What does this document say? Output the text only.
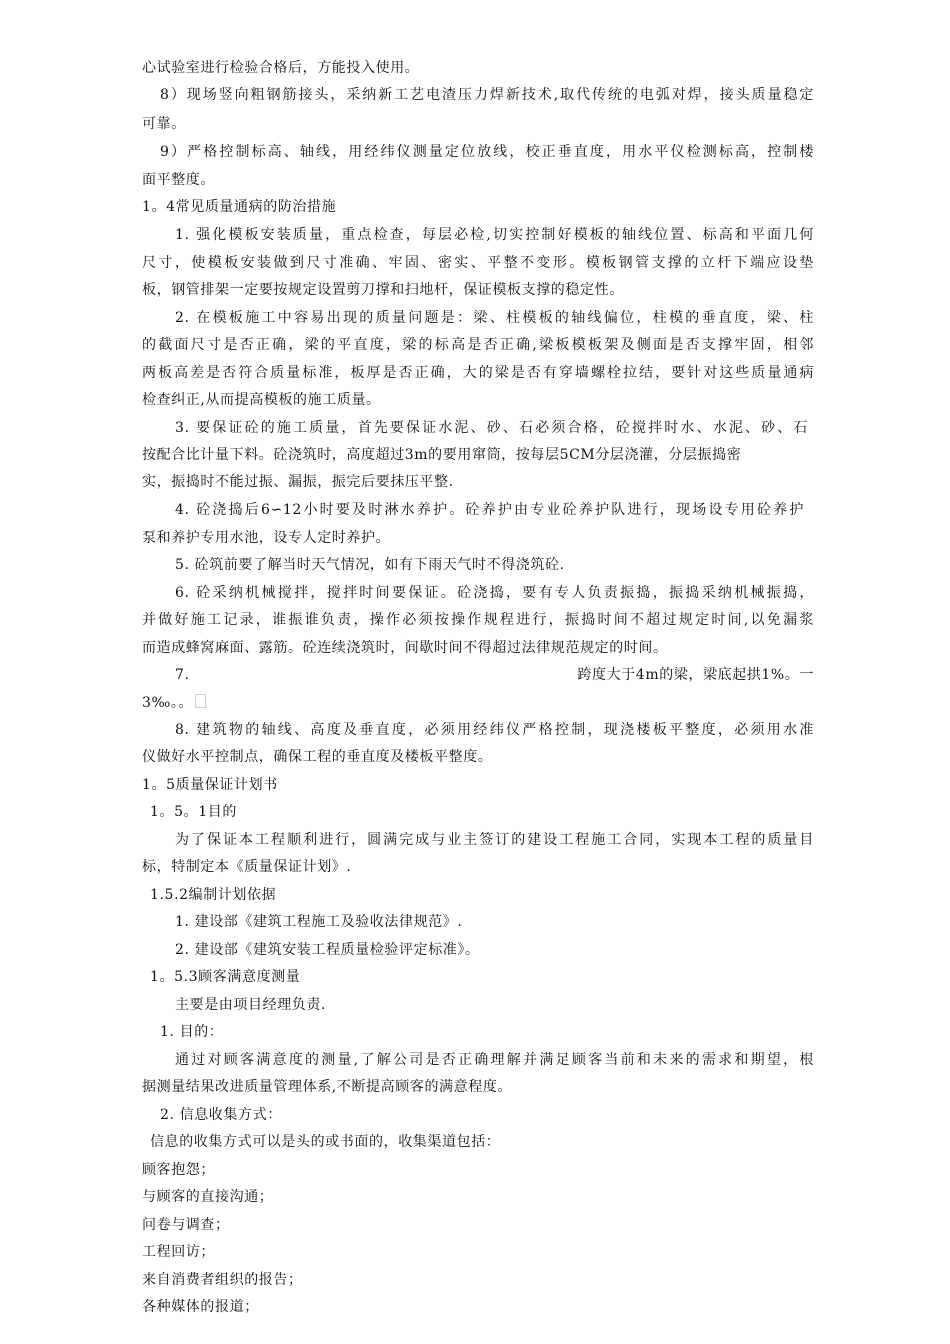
心试验室进行检验合格后，方能投入使用。
8）现场竖向粗钢筋接头，采纳新工艺电渣压力焊新技术,取代传统的电弧对焊，接头质量稳定
可靠。
9）严格控制标高、轴线，用经纬仪测量定位放线，校正垂直度，用水平仪检测标高，控制楼
面平整度。
1。4常见质量通病的防治措施
1. 强化模板安装质量，重点检查，每层必检,切实控制好模板的轴线位置、标高和平面几何
尺寸，使模板安装做到尺寸准确、牢固、密实、平整不变形。模板钢管支撑的立杆下端应设垫
板，钢管排架一定要按规定设置剪刀撑和扫地杆，保证模板支撑的稳定性。
2. 在模板施工中容易出现的质量问题是：梁、柱模板的轴线偏位，柱模的垂直度，梁、柱
的截面尺寸是否正确，梁的平直度，梁的标高是否正确,梁板模板架及侧面是否支撑牢固，相邻
两板高差是否符合质量标准，板厚是否正确，大的梁是否有穿墙螺栓拉结，要针对这些质量通病
检查纠正,从而提高模板的施工质量。
3. 要保证砼的施工质量，首先要保证水泥、砂、石必须合格，砼搅拌时水、水泥、砂、石
按配合比计量下料。砼浇筑时，高度超过3m的要用窜筒，按每层5CM分层浇灌，分层振捣密
实，振捣时不能过振、漏振，振完后要抹压平整.
4. 砼浇捣后6∽12小时要及时淋水养护。砼养护由专业砼养护队进行，现场设专用砼养护
泵和养护专用水池，设专人定时养护。
5. 砼筑前要了解当时天气情况，如有下雨天气时不得浇筑砼.
6. 砼采纳机械搅拌，搅拌时间要保证。砼浇捣，要有专人负责振捣，振捣采纳机械振捣，
并做好施工记录，谁振谁负责，操作必须按操作规程进行，振捣时间不超过规定时间,以免漏浆
而造成蜂窝麻面、露筋。砼连续浇筑时，间歇时间不得超过法律规范规定的时间。
7.	跨度大于4m的梁，梁底起拱1%。一
3‰。。
8. 建筑物的轴线、高度及垂直度，必须用经纬仪严格控制，现浇楼板平整度，必须用水准
仪做好水平控制点，确保工程的垂直度及楼板平整度。
1。5质量保证计划书
1。5。1目的
为了保证本工程顺利进行，圆满完成与业主签订的建设工程施工合同，实现本工程的质量目
标，特制定本《质量保证计划》.
1.5.2编制计划依据
1. 建设部《建筑工程施工及验收法律规范》.
2. 建设部《建筑安装工程质量检验评定标准》。
1。5.3顾客满意度测量
主要是由项目经理负责.
1. 目的：
通过对顾客满意度的测量,了解公司是否正确理解并满足顾客当前和未来的需求和期望，根
据测量结果改进质量管理体系,不断提高顾客的满意程度。
2. 信息收集方式：
信息的收集方式可以是头的或书面的，收集渠道包括：
顾客抱怨；
与顾客的直接沟通；
问卷与调查；
工程回访；
来自消费者组织的报告；
各种媒体的报道；
